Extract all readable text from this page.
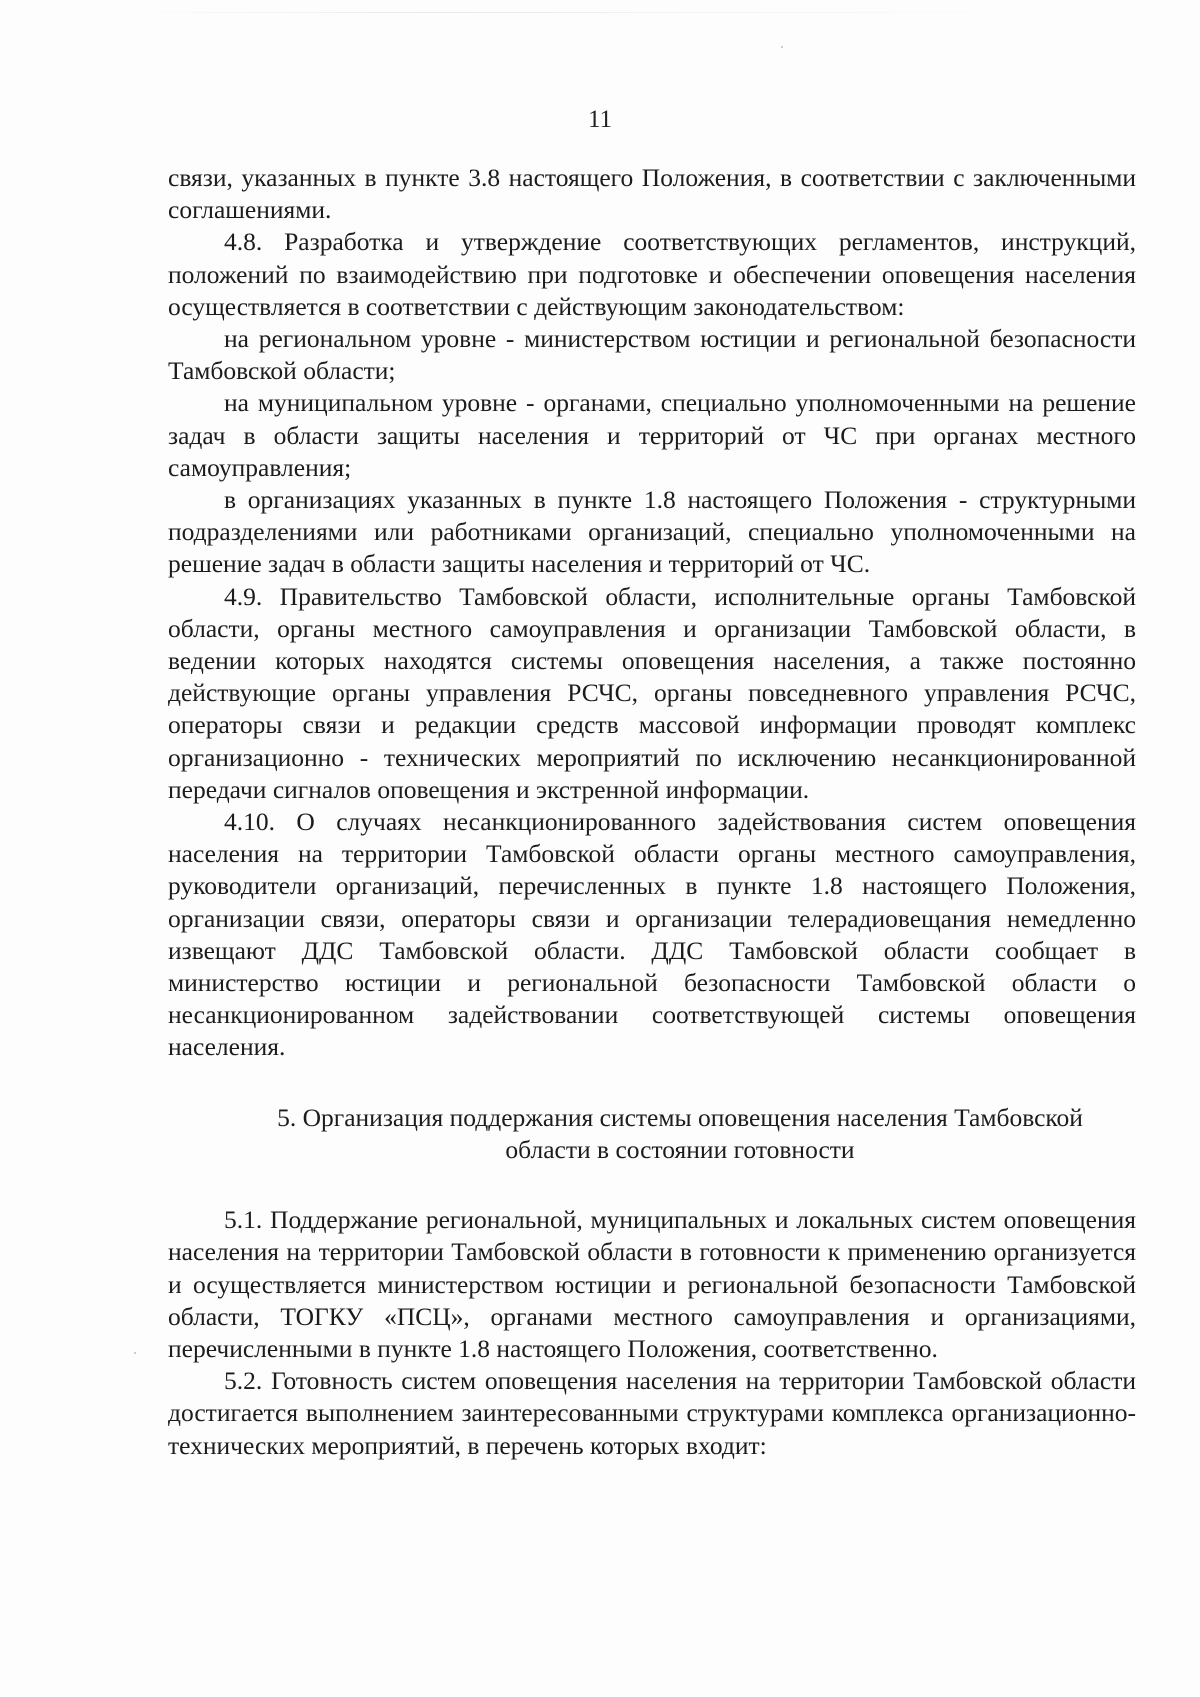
11

связи, указанных в пункте 3.8 настоящего Положения, в соответствии с заключенными соглашениями.

4.8. Разработка и утверждение соответствующих регламентов, инструкций, положений по взаимодействию при подготовке и обеспечении оповещения населения осуществляется в соответствии с действующим законодательством:

на региональном уровне - министерством юстиции и региональной безопасности Тамбовской области;

на муниципальном уровне - органами, специально уполномоченными на решение задач в области защиты населения и территорий от ЧС при органах местного самоуправления;

в организациях указанных в пункте 1.8 настоящего Положения - структурными подразделениями или работниками организаций, специально уполномоченными на решение задач в области защиты населения и территорий от ЧС.

4.9. Правительство Тамбовской области, исполнительные органы Тамбовской области, органы местного самоуправления и организации Тамбовской области, в ведении которых находятся системы оповещения населения, а также постоянно действующие органы управления РСЧС, органы повседневного управления РСЧС, операторы связи и редакции средств массовой информации проводят комплекс организационно - технических мероприятий по исключению несанкционированной передачи сигналов оповещения и экстренной информации.

4.10. О случаях несанкционированного задействования систем оповещения населения на территории Тамбовской области органы местного самоуправления, руководители организаций, перечисленных в пункте 1.8 настоящего Положения, организации связи, операторы связи и организации телерадиовещания немедленно извещают ДДС Тамбовской области. ДДС Тамбовской области сообщает в министерство юстиции и региональной безопасности Тамбовской области о несанкционированном задействовании соответствующей системы оповещения населения.

5. Организация поддержания системы оповещения населения Тамбовской
области в состоянии готовности

5.1. Поддержание региональной, муниципальных и локальных систем оповещения населения на территории Тамбовской области в готовности к применению организуется и осуществляется министерством юстиции и региональной безопасности Тамбовской области, ТОГКУ «ПСЦ», органами местного самоуправления и организациями, перечисленными в пункте 1.8 настоящего Положения, соответственно.

5.2. Готовность систем оповещения населения на территории Тамбовской области достигается выполнением заинтересованными структурами комплекса организационно-технических мероприятий, в перечень которых входит:
